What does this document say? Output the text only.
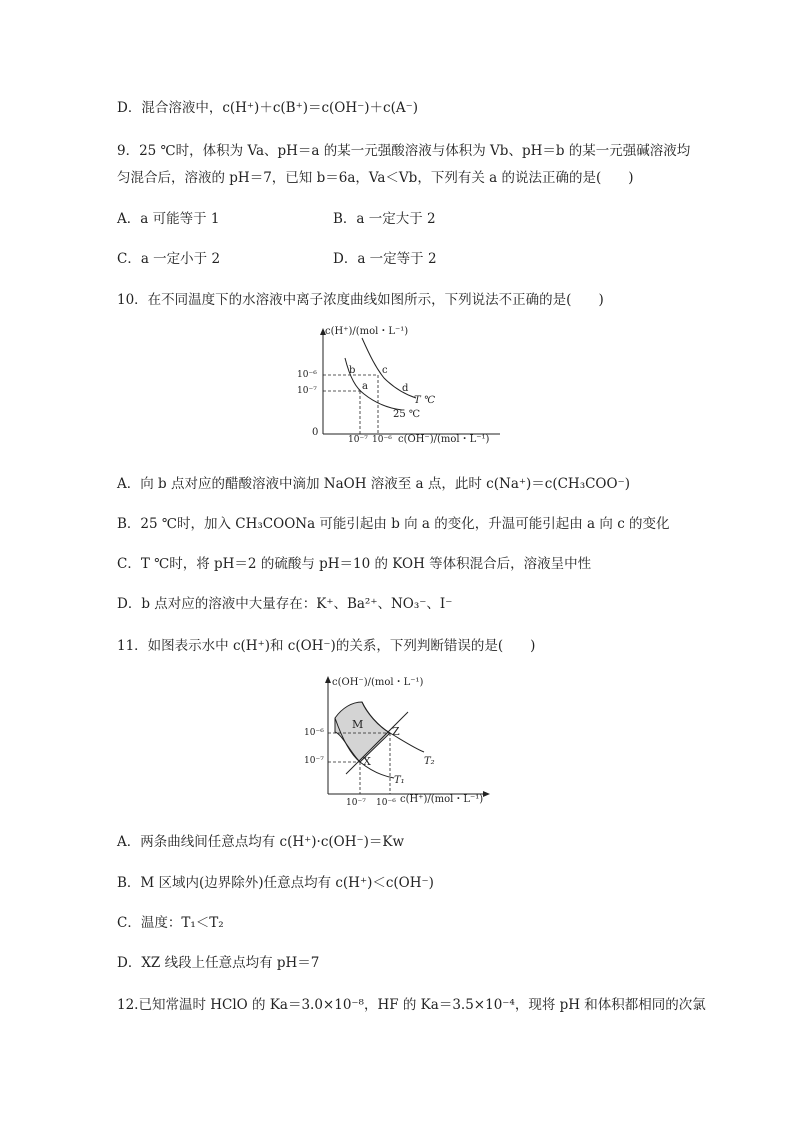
D．混合溶液中，c(H⁺)＋c(B⁺)＝c(OH⁻)＋c(A⁻)
9．25 ℃时，体积为 Va、pH＝a 的某一元强酸溶液与体积为 Vb、pH＝b 的某一元强碱溶液均
匀混合后，溶液的 pH＝7，已知 b＝6a，Va＜Vb，下列有关 a 的说法正确的是(　　)
A．a 可能等于 1	B．a 一定大于 2
C．a 一定小于 2	D．a 一定等于 2
10．在不同温度下的水溶液中离子浓度曲线如图所示，下列说法不正确的是(　　)
c(H⁺)/(mol・L⁻¹)
c(OH⁻)/(mol・L⁻¹)
0
10⁻⁶
10⁻⁷
10⁻⁷ 10⁻⁶
b
a
c
d
T ℃
25 ℃
A．向 b 点对应的醋酸溶液中滴加 NaOH 溶液至 a 点，此时 c(Na⁺)＝c(CH₃COO⁻)
B．25 ℃时，加入 CH₃COONa 可能引起由 b 向 a 的变化，升温可能引起由 a 向 c 的变化
C．T ℃时，将 pH＝2 的硫酸与 pH＝10 的 KOH 等体积混合后，溶液呈中性
D．b 点对应的溶液中大量存在：K⁺、Ba²⁺、NO₃⁻、I⁻
11．如图表示水中 c(H⁺)和 c(OH⁻)的关系，下列判断错误的是(　　)
c(OH⁻)/(mol・L⁻¹)
c(H⁺)/(mol・L⁻¹)
10⁻⁶
10⁻⁷
10⁻⁷ 10⁻⁶
M
Z
X	T₂
T₁
A．两条曲线间任意点均有 c(H⁺)·c(OH⁻)＝Kw
B．M 区域内(边界除外)任意点均有 c(H⁺)＜c(OH⁻)
C．温度：T₁＜T₂
D．XZ 线段上任意点均有 pH＝7
12.已知常温时 HClO 的 Ka＝3.0×10⁻⁸，HF 的 Ka＝3.5×10⁻⁴，现将 pH 和体积都相同的次氯
